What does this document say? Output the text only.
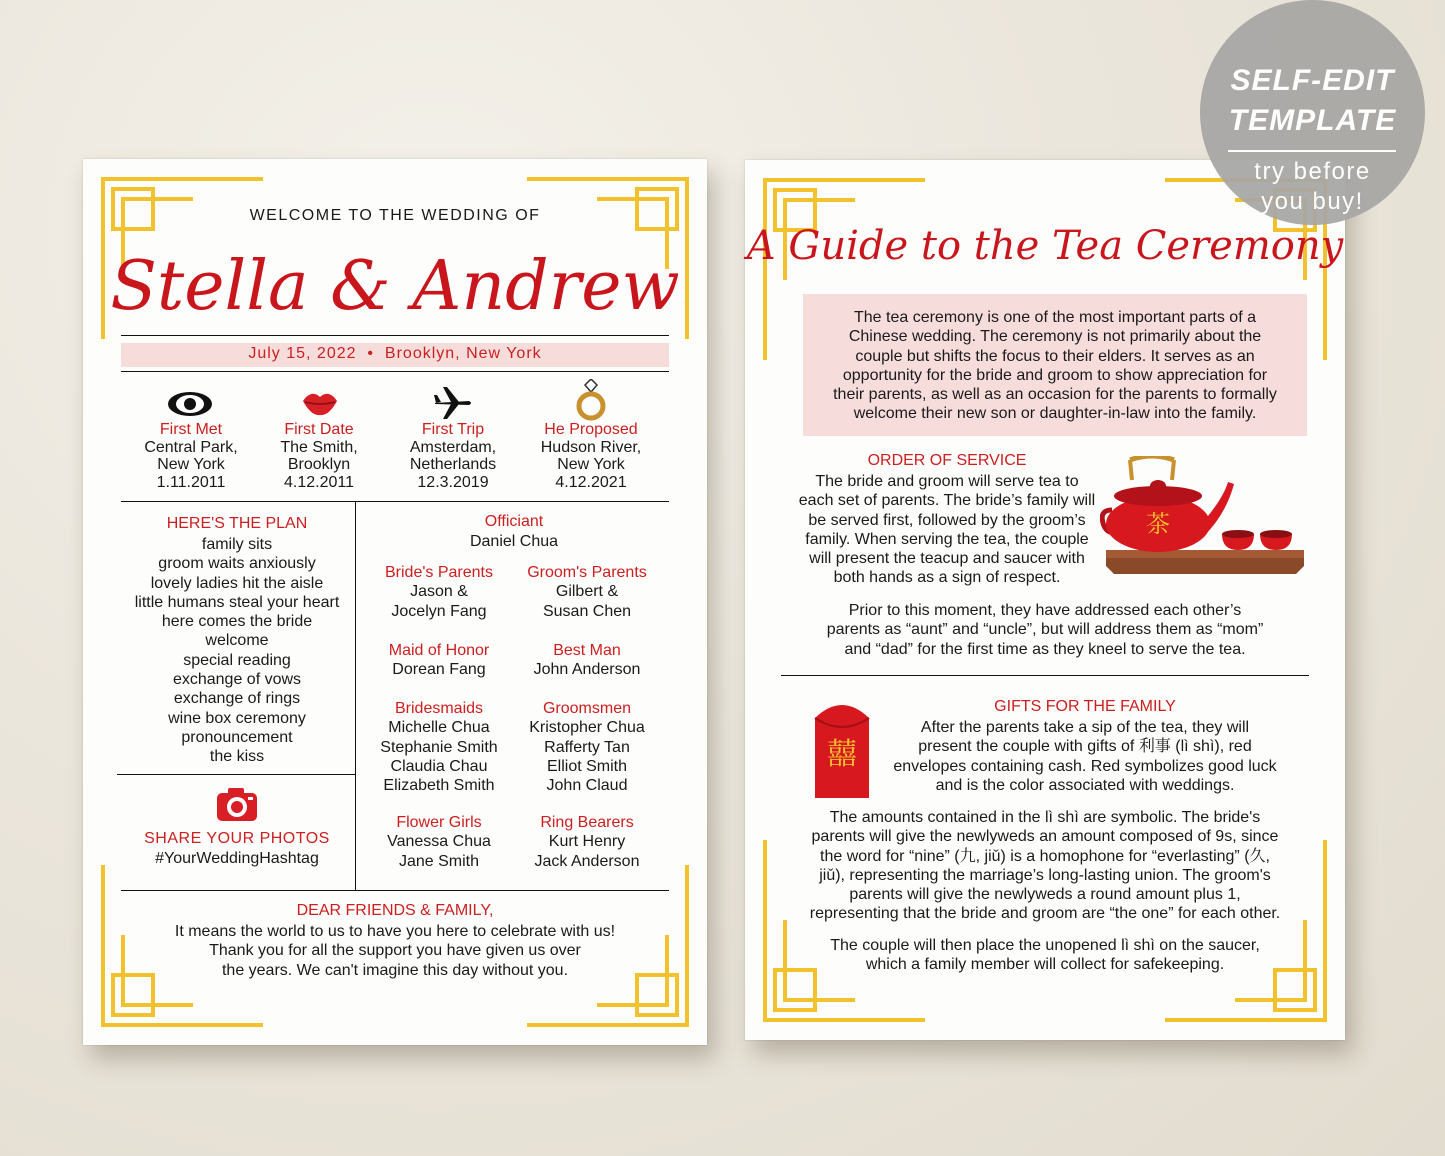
WELCOME TO THE WEDDING OF
Stella & Andrew
July 15, 2022  •  Brooklyn, New York
First Met
Central Park,
New York
1.11.2011
First Date
The Smith,
Brooklyn
4.12.2011
First Trip
Amsterdam,
Netherlands
12.3.2019
He Proposed
Hudson River,
New York
4.12.2021
HERE'S THE PLAN
family sits
groom waits anxiously
lovely ladies hit the aisle
little humans steal your heart
here comes the bride
welcome
special reading
exchange of vows
exchange of rings
wine box ceremony
pronouncement
the kiss
SHARE YOUR PHOTOS
#YourWeddingHashtag
Officiant
Daniel Chua
Bride's Parents
Jason &
Jocelyn Fang
Groom's Parents
Gilbert &
Susan Chen
Maid of Honor
Dorean Fang
Best Man
John Anderson
Bridesmaids
Michelle Chua
Stephanie Smith
Claudia Chau
Elizabeth Smith
Groomsmen
Kristopher Chua
Rafferty Tan
Elliot Smith
John Claud
Flower Girls
Vanessa Chua
Jane Smith
Ring Bearers
Kurt Henry
Jack Anderson
DEAR FRIENDS & FAMILY,
It means the world to us to have you here to celebrate with us!
Thank you for all the support you have given us over
the years. We can't imagine this day without you.
A Guide to the Tea Ceremony
The tea ceremony is one of the most important parts of a
Chinese wedding. The ceremony is not primarily about the
couple but shifts the focus to their elders. It serves as an
opportunity for the bride and groom to show appreciation for
their parents, as well as an occasion for the parents to formally
welcome their new son or daughter-in-law into the family.
ORDER OF SERVICE
The bride and groom will serve tea to
each set of parents. The bride’s family will
be served first, followed by the groom’s
family. When serving the tea, the couple
will present the teacup and saucer with
both hands as a sign of respect.
茶
Prior to this moment, they have addressed each other’s
parents as “aunt” and “uncle”, but will address them as “mom”
and “dad” for the first time as they kneel to serve the tea.
GIFTS FOR THE FAMILY
囍
After the parents take a sip of the tea, they will
present the couple with gifts of 利事 (lì shì), red
envelopes containing cash. Red symbolizes good luck
and is the color associated with weddings.
The amounts contained in the lì shì are symbolic. The bride's
parents will give the newlyweds an amount composed of 9s, since
the word for “nine” (九, jiǔ) is a homophone for “everlasting” (久,
jiǔ), representing the marriage’s long-lasting union. The groom's
parents will give the newlyweds a round amount plus 1,
representing that the bride and groom are “the one” for each other.
The couple will then place the unopened lì shì on the saucer,
which a family member will collect for safekeeping.
SELF-EDIT
TEMPLATE
try before
you buy!
